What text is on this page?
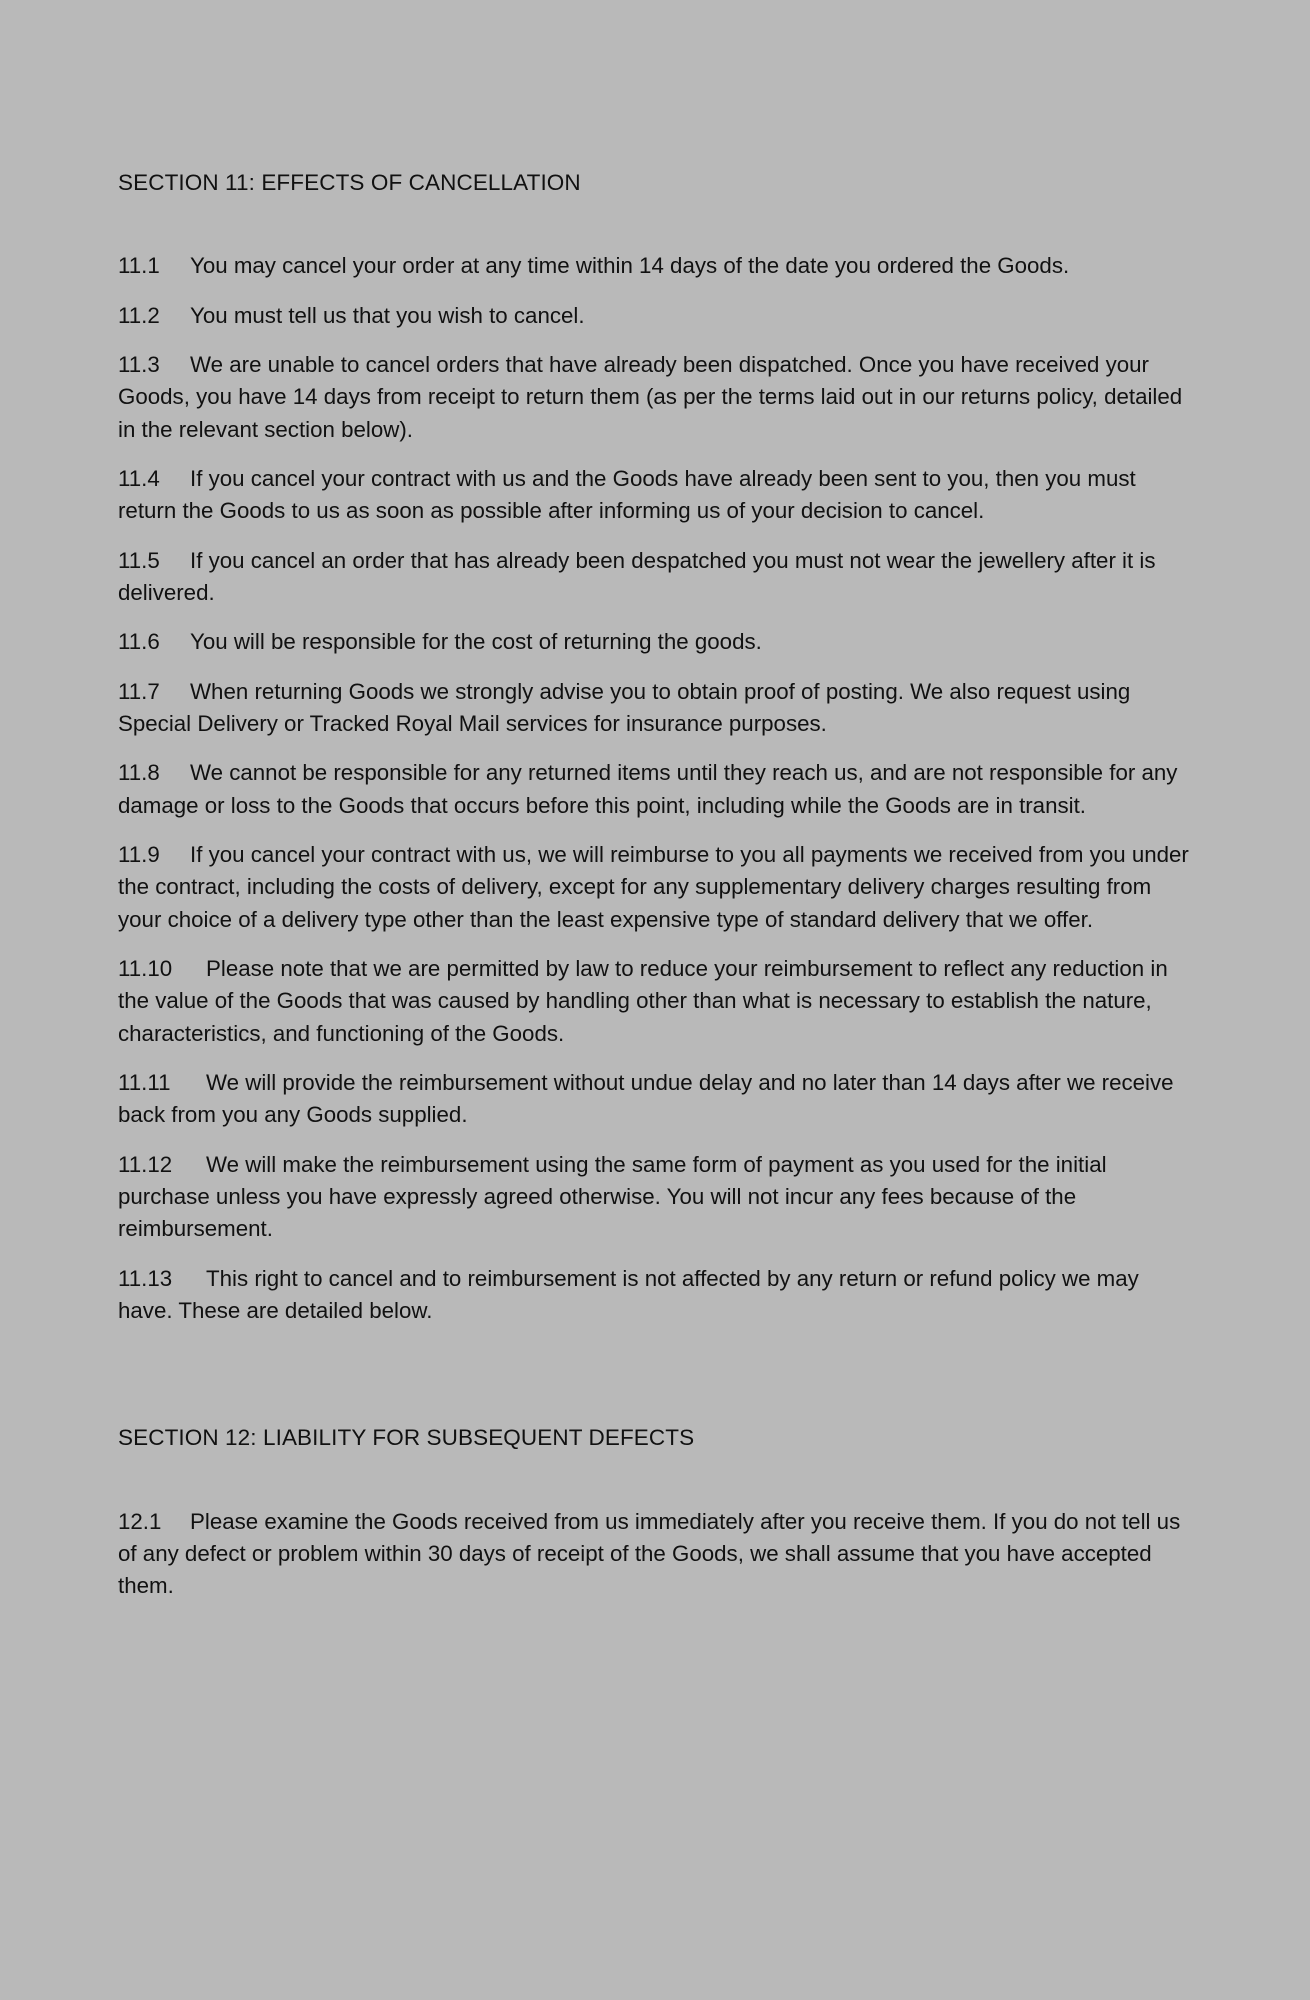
SECTION 11: EFFECTS OF CANCELLATION

11.1 You may cancel your order at any time within 14 days of the date you ordered the Goods.

11.2 You must tell us that you wish to cancel.

11.3 We are unable to cancel orders that have already been dispatched. Once you have received your Goods, you have 14 days from receipt to return them (as per the terms laid out in our returns policy, detailed in the relevant section below).

11.4 If you cancel your contract with us and the Goods have already been sent to you, then you must return the Goods to us as soon as possible after informing us of your decision to cancel.

11.5 If you cancel an order that has already been despatched you must not wear the jewellery after it is delivered.

11.6 You will be responsible for the cost of returning the goods.

11.7 When returning Goods we strongly advise you to obtain proof of posting. We also request using Special Delivery or Tracked Royal Mail services for insurance purposes.

11.8 We cannot be responsible for any returned items until they reach us, and are not responsible for any damage or loss to the Goods that occurs before this point, including while the Goods are in transit.

11.9 If you cancel your contract with us, we will reimburse to you all payments we received from you under the contract, including the costs of delivery, except for any supplementary delivery charges resulting from your choice of a delivery type other than the least expensive type of standard delivery that we offer.

11.10 Please note that we are permitted by law to reduce your reimbursement to reflect any reduction in the value of the Goods that was caused by handling other than what is necessary to establish the nature, characteristics, and functioning of the Goods.

11.11 We will provide the reimbursement without undue delay and no later than 14 days after we receive back from you any Goods supplied.

11.12 We will make the reimbursement using the same form of payment as you used for the initial purchase unless you have expressly agreed otherwise. You will not incur any fees because of the reimbursement.

11.13 This right to cancel and to reimbursement is not affected by any return or refund policy we may have. These are detailed below.

SECTION 12: LIABILITY FOR SUBSEQUENT DEFECTS

12.1 Please examine the Goods received from us immediately after you receive them. If you do not tell us of any defect or problem within 30 days of receipt of the Goods, we shall assume that you have accepted them.
